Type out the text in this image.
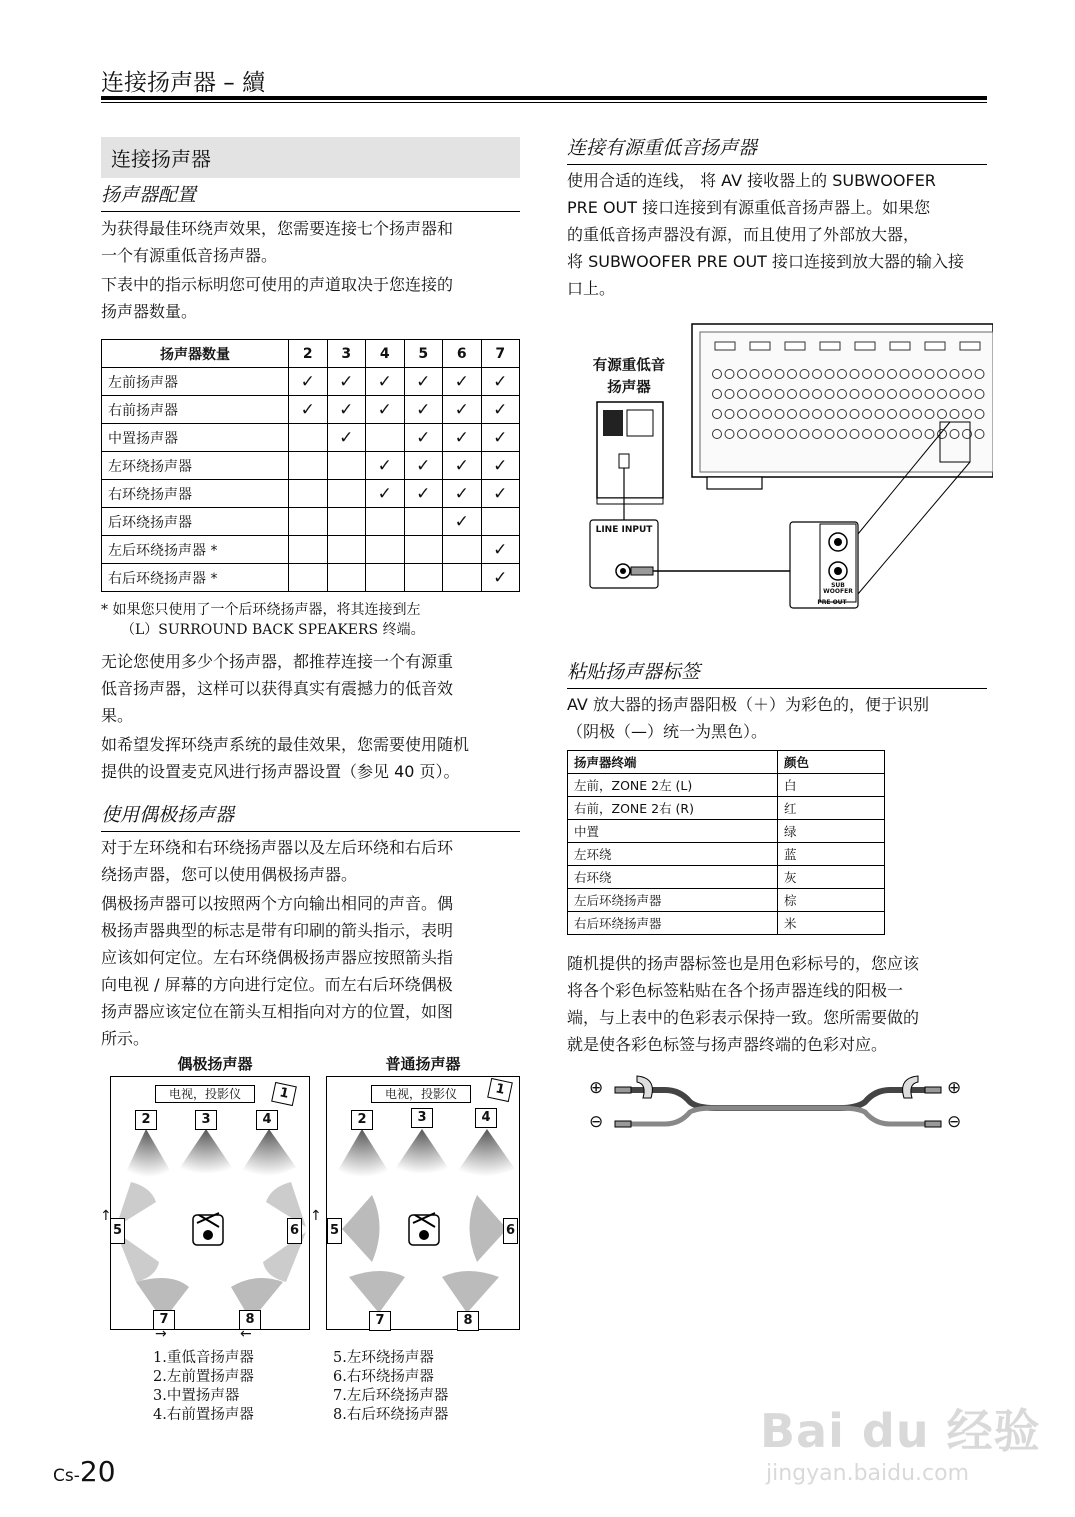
连接扬声器 – 續
连接扬声器
扬声器配置
为获得最佳环绕声效果，您需要连接七个扬声器和
一个有源重低音扬声器。
下表中的指示标明您可使用的声道取决于您连接的
扬声器数量。
扬声器数量	2	3	4	5	6	7
左前扬声器	✓	✓	✓	✓	✓	✓
右前扬声器	✓	✓	✓	✓	✓	✓
中置扬声器		✓		✓	✓	✓
左环绕扬声器			✓	✓	✓	✓
右环绕扬声器			✓	✓	✓	✓
后环绕扬声器					✓	
左后环绕扬声器 *						✓
右后环绕扬声器 *						✓
* 如果您只使用了一个后环绕扬声器，将其连接到左
（L）SURROUND BACK SPEAKERS 终端。
无论您使用多少个扬声器，都推荐连接一个有源重
低音扬声器，这样可以获得真实有震撼力的低音效
果。
如希望发挥环绕声系统的最佳效果，您需要使用随机
提供的设置麦克风进行扬声器设置（参见 40 页）。
使用偶极扬声器
对于左环绕和右环绕扬声器以及左后环绕和右后环
绕扬声器，您可以使用偶极扬声器。
偶极扬声器可以按照两个方向输出相同的声音。偶
极扬声器典型的标志是带有印刷的箭头指示，表明
应该如何定位。左右环绕偶极扬声器应按照箭头指
向电视 / 屏幕的方向进行定位。而左右后环绕偶极
扬声器应该定位在箭头互相指向对方的位置，如图
所示。
偶极扬声器	普通扬声器
电视，投影仪	1
2	3	4
5	6
7	8
↑	↑
→	←
电视，投影仪	1
2	3	4
5	6
7	8
1.重低音扬声器
2.左前置扬声器
3.中置扬声器
4.右前置扬声器
5.左环绕扬声器
6.右环绕扬声器
7.左后环绕扬声器
8.右后环绕扬声器
连接有源重低音扬声器
使用合适的连线， 将 AV 接收器上的 SUBWOOFER
PRE OUT 接口连接到有源重低音扬声器上。如果您
的重低音扬声器没有源，而且使用了外部放大器，
将 SUBWOOFER PRE OUT 接口连接到放大器的输入接
口上。
有源重低音
扬声器
LINE INPUT
SUB
WOOFER
PRE OUT
粘贴扬声器标签
AV 放大器的扬声器阳极（＋）为彩色的，便于识别
（阴极（—）统一为黑色）。
扬声器终端	颜色
左前，ZONE 2左 (L)	白
右前，ZONE 2右 (R)	红
中置	绿
左环绕	蓝
右环绕	灰
左后环绕扬声器	棕
右后环绕扬声器	米
随机提供的扬声器标签也是用色彩标号的，您应该
将各个彩色标签粘贴在各个扬声器连线的阳极一
端，与上表中的色彩表示保持一致。您所需要做的
就是使各彩色标签与扬声器终端的色彩对应。
⊕
⊖
⊕
⊖
Cs-20
Bai du 经验
jingyan.baidu.com
